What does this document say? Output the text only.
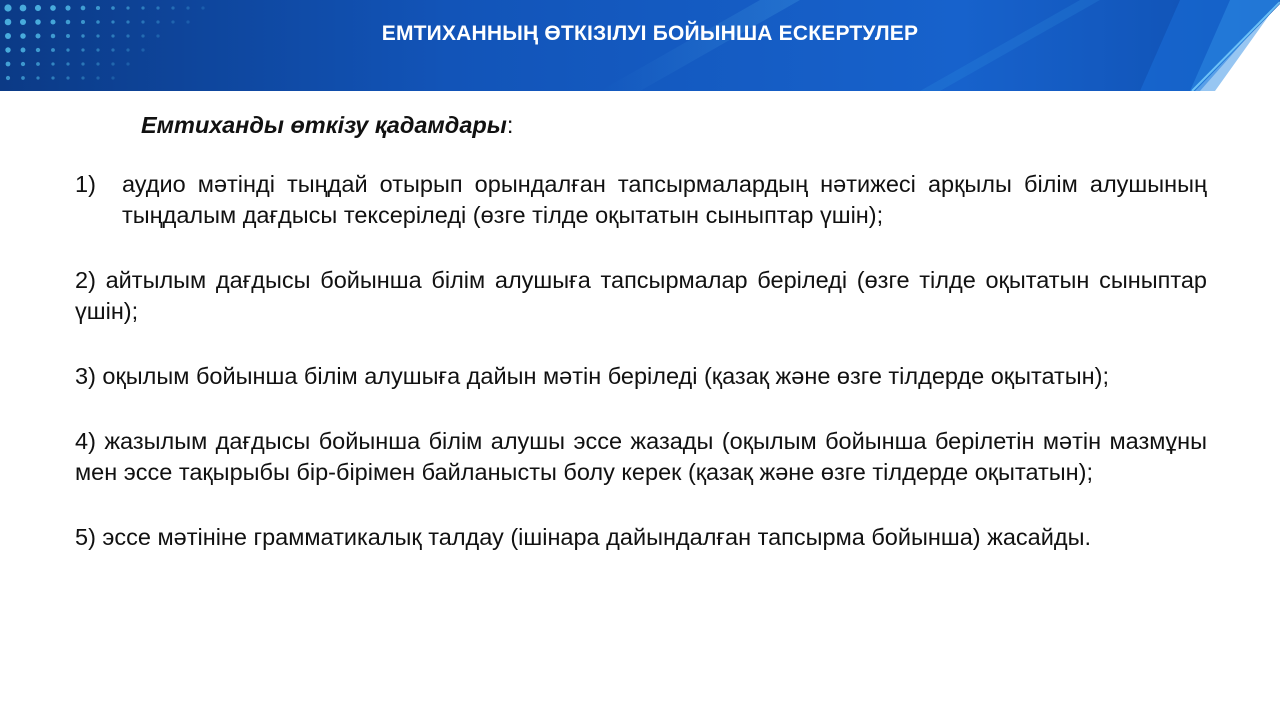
ЕМТИХАННЫҢ ӨТКІЗІЛУІ БОЙЫНША ЕСКЕРТУЛЕР
Емтиханды өткізу қадамдары:
1)	аудио мәтінді тыңдай отырып орындалған тапсырмалардың нәтижесі арқылы білім алушының тыңдалым дағдысы тексеріледі (өзге тілде оқытатын сыныптар үшін);
2) айтылым дағдысы бойынша білім алушыға тапсырмалар беріледі (өзге тілде оқытатын сыныптар үшін);
3) оқылым бойынша білім алушыға дайын мәтін беріледі (қазақ және өзге тілдерде оқытатын);
4) жазылым дағдысы бойынша білім алушы эссе жазады (оқылым бойынша берілетін мәтін мазмұны мен эссе тақырыбы бір-бірімен байланысты болу керек (қазақ және өзге тілдерде оқытатын);
5) эссе мәтініне грамматикалық талдау (ішінара дайындалған тапсырма бойынша) жасайды.
